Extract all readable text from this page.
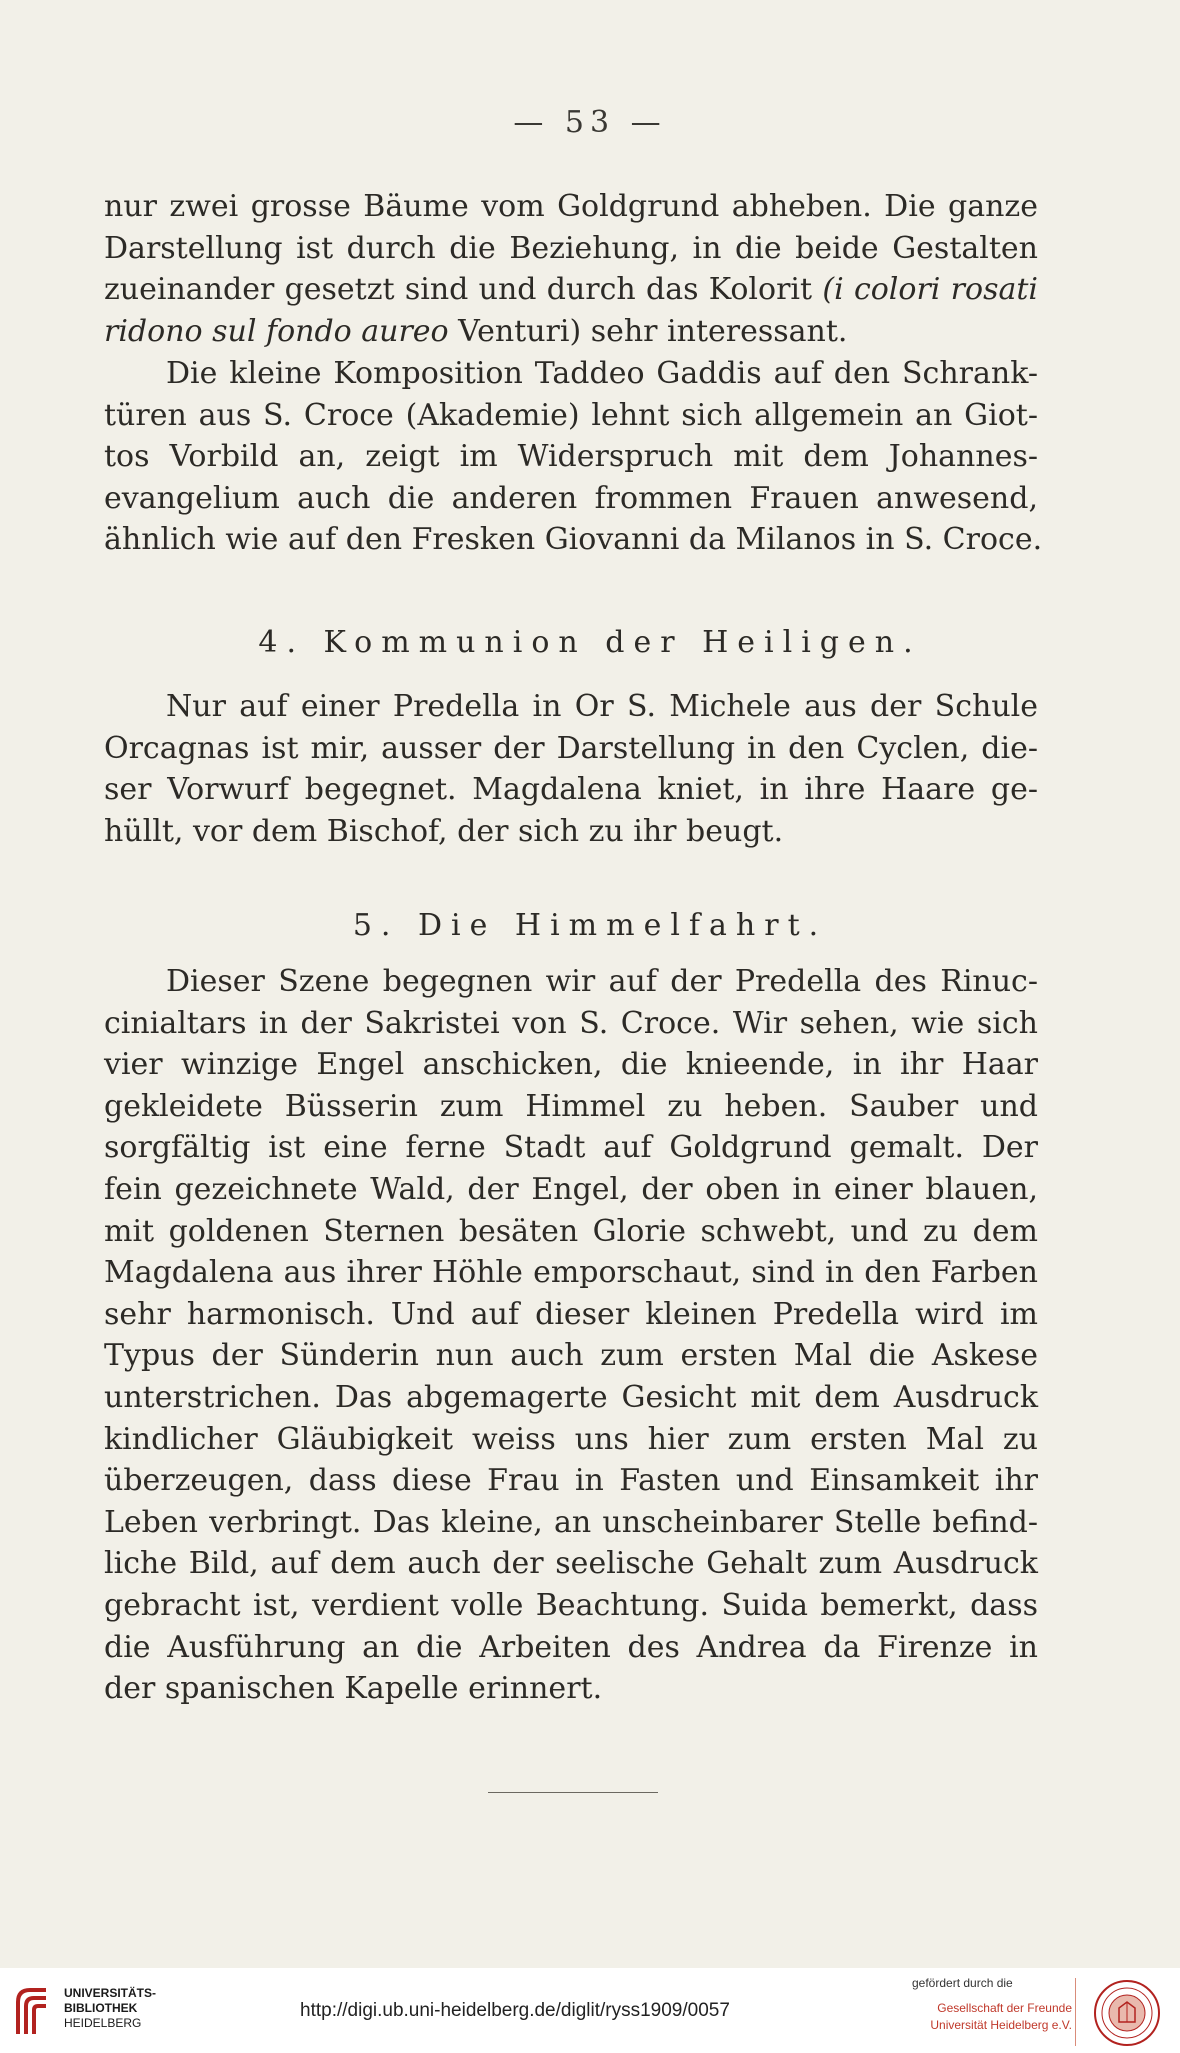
— 53 —
nur zwei grosse Bäume vom Goldgrund abheben. Die ganze
Darstellung ist durch die Beziehung, in die beide Gestalten
zueinander gesetzt sind und durch das Kolorit (i colori rosati
ridono sul fondo aureo Venturi) sehr interessant.
Die kleine Komposition Taddeo Gaddis auf den Schrank-
türen aus S. Croce (Akademie) lehnt sich allgemein an Giot-
tos Vorbild an, zeigt im Widerspruch mit dem Johannes-
evangelium auch die anderen frommen Frauen anwesend,
ähnlich wie auf den Fresken Giovanni da Milanos in S. Croce.
4. Kommunion der Heiligen.
Nur auf einer Predella in Or S. Michele aus der Schule
Orcagnas ist mir, ausser der Darstellung in den Cyclen, die-
ser Vorwurf begegnet. Magdalena kniet, in ihre Haare ge-
hüllt, vor dem Bischof, der sich zu ihr beugt.
5. Die Himmelfahrt.
Dieser Szene begegnen wir auf der Predella des Rinuc-
cinialtars in der Sakristei von S. Croce. Wir sehen, wie sich
vier winzige Engel anschicken, die knieende, in ihr Haar
gekleidete Büsserin zum Himmel zu heben. Sauber und
sorgfältig ist eine ferne Stadt auf Goldgrund gemalt. Der
fein gezeichnete Wald, der Engel, der oben in einer blauen,
mit goldenen Sternen besäten Glorie schwebt, und zu dem
Magdalena aus ihrer Höhle emporschaut, sind in den Farben
sehr harmonisch. Und auf dieser kleinen Predella wird im
Typus der Sünderin nun auch zum ersten Mal die Askese
unterstrichen. Das abgemagerte Gesicht mit dem Ausdruck
kindlicher Gläubigkeit weiss uns hier zum ersten Mal zu
überzeugen, dass diese Frau in Fasten und Einsamkeit ihr
Leben verbringt. Das kleine, an unscheinbarer Stelle befind-
liche Bild, auf dem auch der seelische Gehalt zum Ausdruck
gebracht ist, verdient volle Beachtung. Suida bemerkt, dass
die Ausführung an die Arbeiten des Andrea da Firenze in
der spanischen Kapelle erinnert.
UNIVERSITÄTS-
BIBLIOTHEK
HEIDELBERG
http://digi.ub.uni-heidelberg.de/diglit/ryss1909/0057
gefördert durch die
Gesellschaft der Freunde
Universität Heidelberg e.V.
